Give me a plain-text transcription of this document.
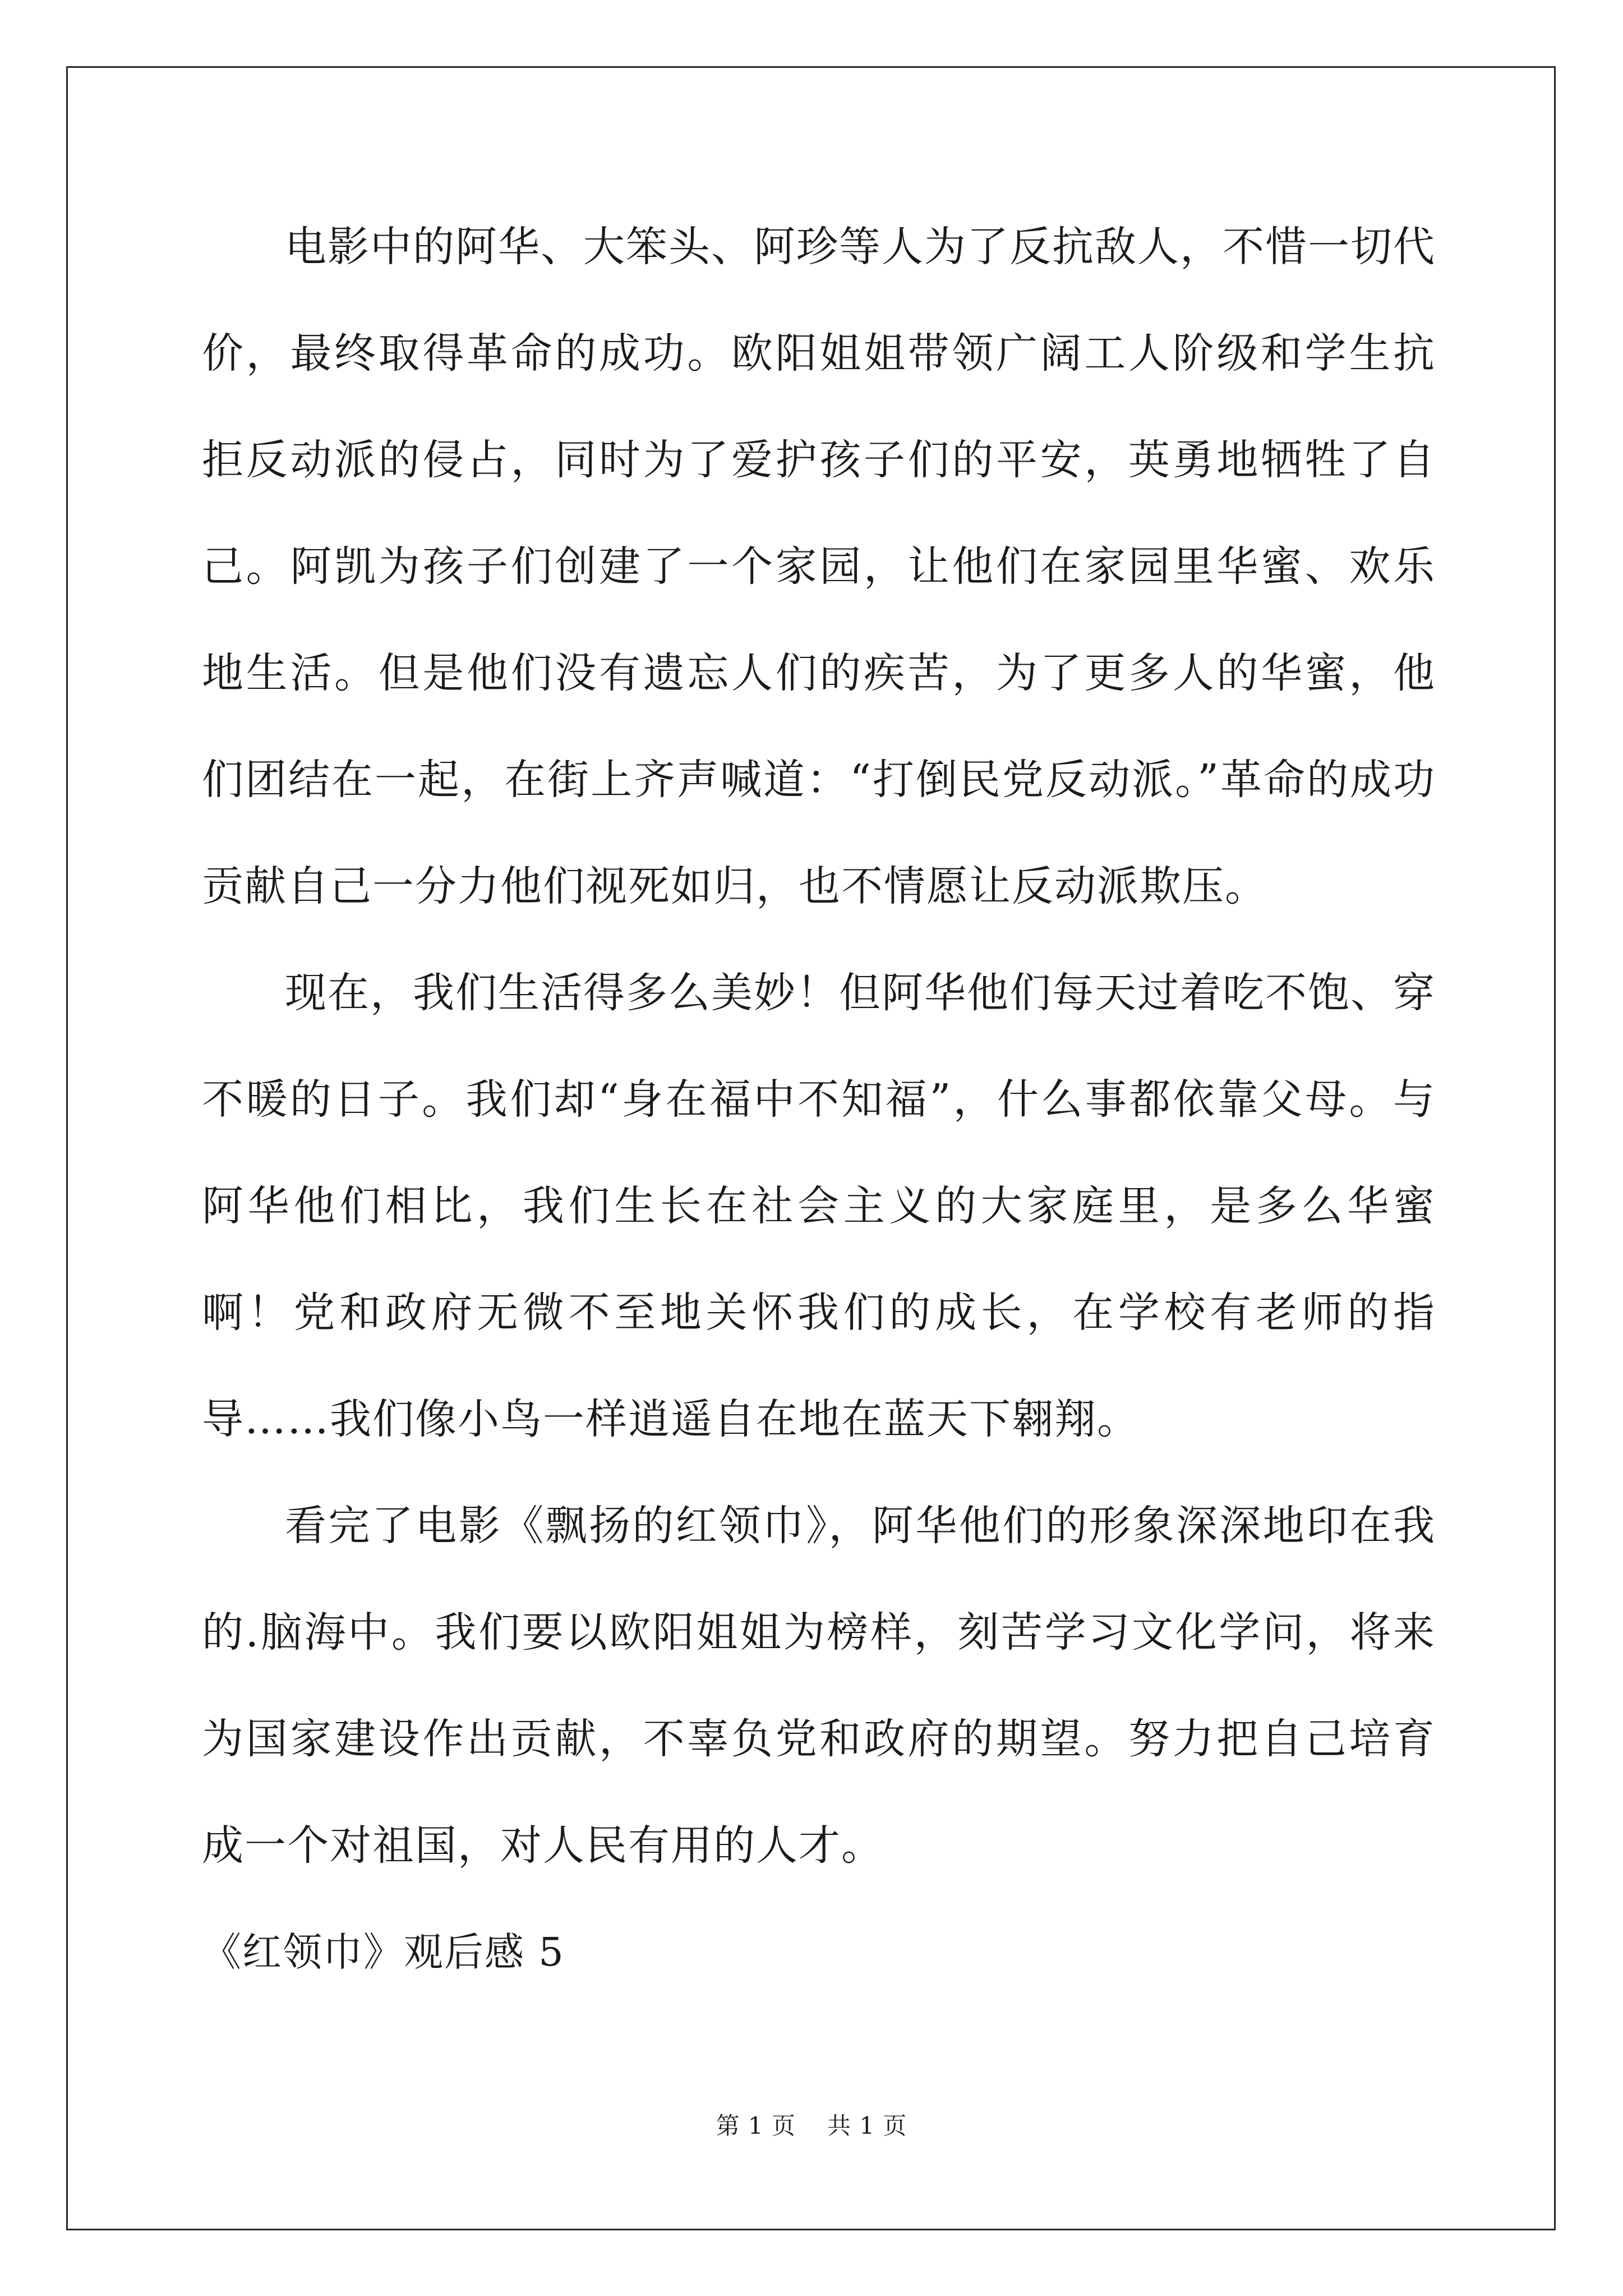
电影中的阿华、大笨头、阿珍等人为了反抗敌人，不惜一切代价，最终取得革命的成功。欧阳姐姐带领广阔工人阶级和学生抗拒反动派的侵占，同时为了爱护孩子们的平安，英勇地牺牲了自己。阿凯为孩子们创建了一个家园，让他们在家园里华蜜、欢乐地生活。但是他们没有遗忘人们的疾苦，为了更多人的华蜜，他们团结在一起，在街上齐声喊道：“打倒民党反动派。”革命的成功贡献自己一分力他们视死如归，也不情愿让反动派欺压。

现在，我们生活得多么美妙！但阿华他们每天过着吃不饱、穿不暖的日子。我们却“身在福中不知福”，什么事都依靠父母。与阿华他们相比，我们生长在社会主义的大家庭里，是多么华蜜啊！党和政府无微不至地关怀我们的成长，在学校有老师的指导……我们像小鸟一样逍遥自在地在蓝天下翱翔。

看完了电影《飘扬的红领巾》，阿华他们的形象深深地印在我的.脑海中。我们要以欧阳姐姐为榜样，刻苦学习文化学问，将来为国家建设作出贡献，不辜负党和政府的期望。努力把自己培育成一个对祖国，对人民有用的人才。

《红领巾》观后感 5

第 1 页 共 1 页
